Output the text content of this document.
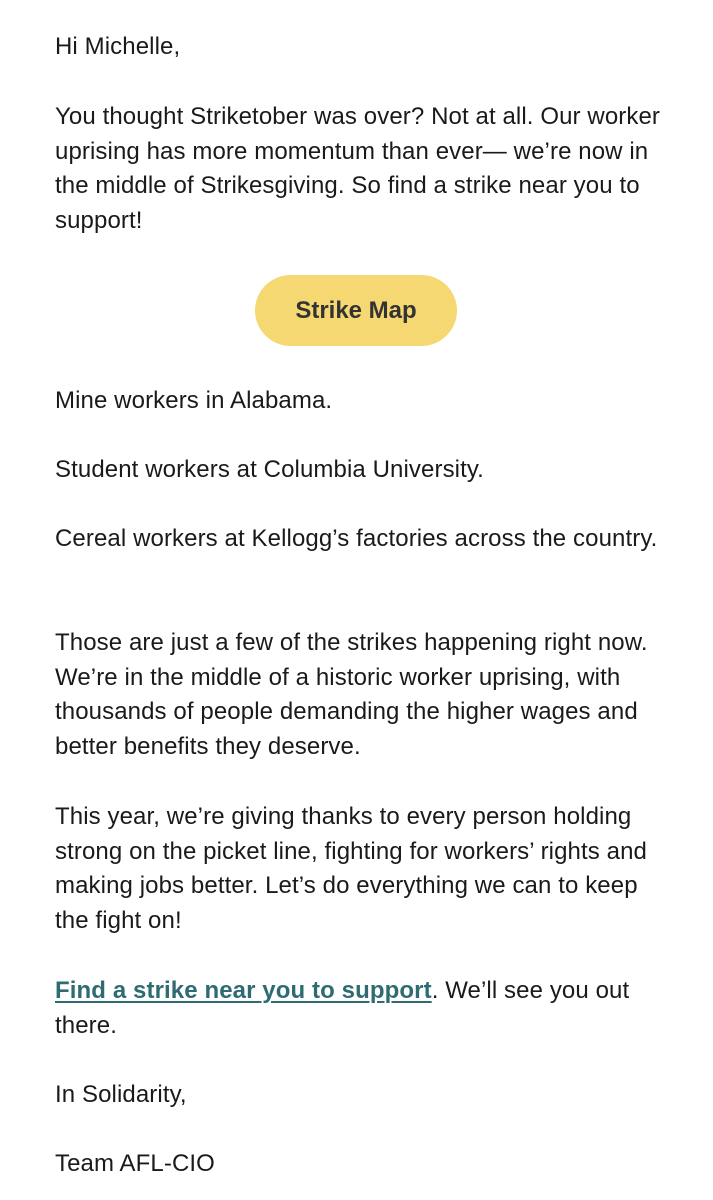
Hi Michelle,

You thought Striketober was over? Not at all. Our worker uprising has more momentum than ever— we’re now in the middle of Strikesgiving. So find a strike near you to support!

Strike Map

Mine workers in Alabama.

Student workers at Columbia University.

Cereal workers at Kellogg’s factories across the country.

Those are just a few of the strikes happening right now. We’re in the middle of a historic worker uprising, with thousands of people demanding the higher wages and better benefits they deserve.

This year, we’re giving thanks to every person holding strong on the picket line, fighting for workers’ rights and making jobs better. Let’s do everything we can to keep the fight on!

Find a strike near you to support. We’ll see you out there.

In Solidarity,

Team AFL-CIO
